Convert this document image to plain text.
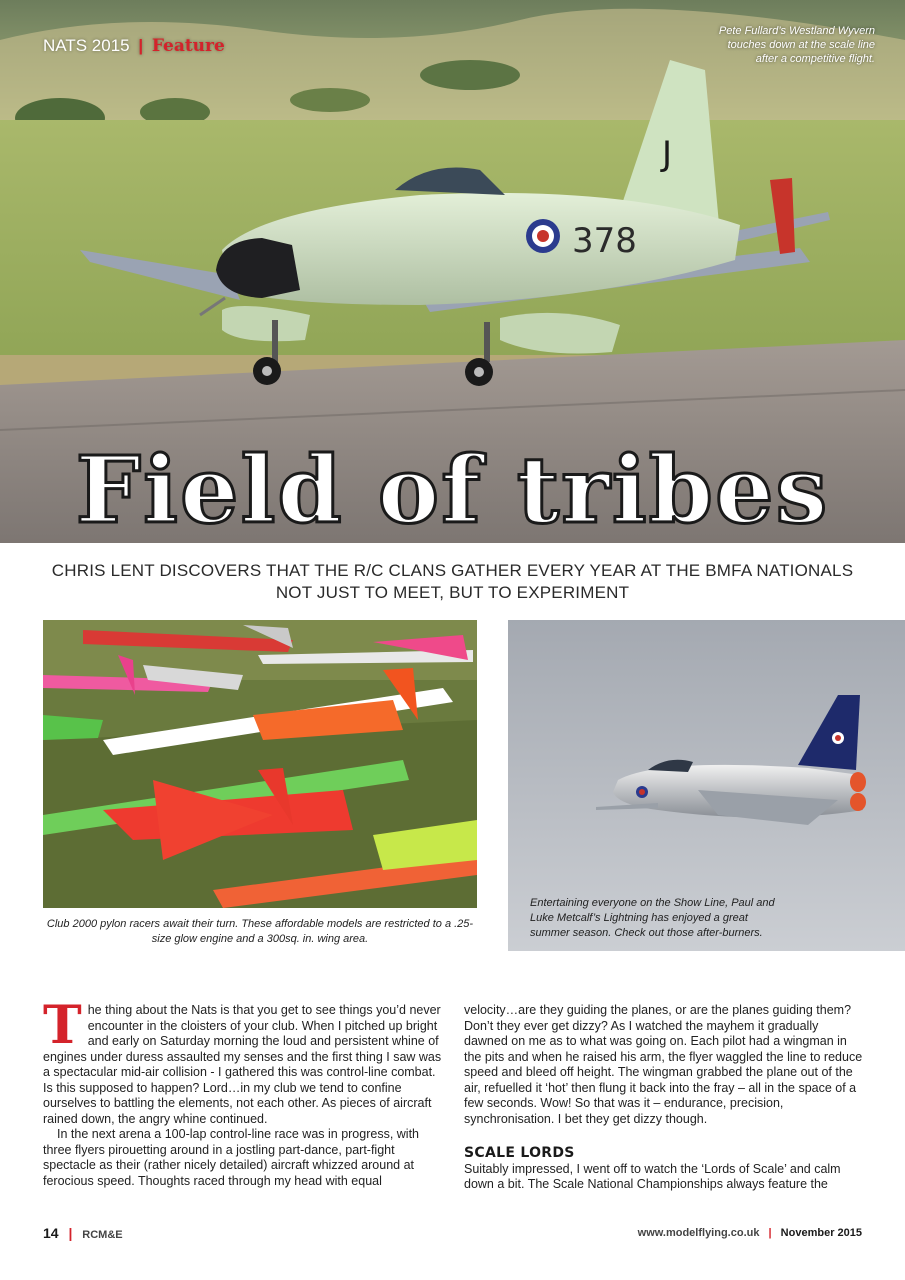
378
J
NATS 2015 | Feature
Pete Fullard’s Westland Wyvern touches down at the scale line after a competitive flight.
Field of tribes
CHRIS LENT DISCOVERS THAT THE R/C CLANS GATHER EVERY YEAR AT THE BMFA NATIONALS
NOT JUST TO MEET, BUT TO EXPERIMENT
Club 2000 pylon racers await their turn. These affordable models are restricted to a .25-size glow engine and a 300sq. in. wing area.
Entertaining everyone on the Show Line, Paul and Luke Metcalf’s Lightning has enjoyed a great summer season. Check out those after-burners.

The thing about the Nats is that you get to see things you’d never encounter in the cloisters of your club. When I pitched up bright and early on Saturday morning the loud and persistent whine of engines under duress assaulted my senses and the first thing I saw was a spectacular mid-air collision - I gathered this was control-line combat. Is this supposed to happen? Lord…in my club we tend to confine ourselves to battling the elements, not each other. As pieces of aircraft rained down, the angry whine continued.

In the next arena a 100-lap control-line race was in progress, with three flyers pirouetting around in a jostling part-dance, part-fight spectacle as their (rather nicely detailed) aircraft whizzed around at ferocious speed. Thoughts raced through my head with equal

velocity…are they guiding the planes, or are the planes guiding them? Don’t they ever get dizzy? As I watched the mayhem it gradually dawned on me as to what was going on. Each pilot had a wingman in the pits and when he raised his arm, the flyer waggled the line to reduce speed and bleed off height. The wingman grabbed the plane out of the air, refuelled it ‘hot’ then flung it back into the fray – all in the space of a few seconds. Wow! So that was it – endurance, precision, synchronisation. I bet they get dizzy though.

SCALE LORDS

Suitably impressed, I went off to watch the ‘Lords of Scale’ and calm down a bit. The Scale National Championships always feature the

14 | RCM&E	www.modelflying.co.uk | November 2015
